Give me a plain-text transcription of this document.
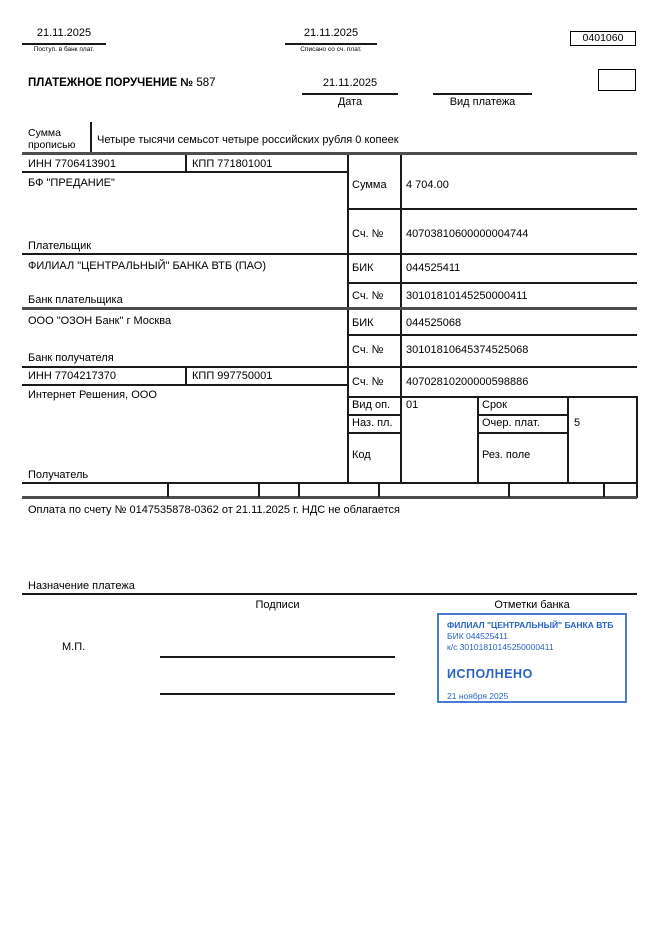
21.11.2025
Поступ. в банк плат.
21.11.2025
Списано со сч. плат.
0401060
ПЛАТЕЖНОЕ ПОРУЧЕНИЕ № 587	21.11.2025
Дата	Вид платежа
Сумма прописью	Четыре тысячи семьсот четыре российских рубля 0 копеек
ИНН 7706413901	КПП 771801001
БФ "ПРЕДАНИЕ"
Плательщик
Сумма 4 704.00
Сч. № 40703810600000004744
ФИЛИАЛ "ЦЕНТРАЛЬНЫЙ" БАНКА ВТБ (ПАО)
Банк плательщика
БИК	044525411
Сч. № 30101810145250000411
ООО "ОЗОН Банк" г Москва
Банк получателя
БИК	044525068
Сч. № 30101810645374525068
ИНН 7704217370	КПП 997750001
Интернет Решения, ООО
Получатель
Сч. № 40702810200000598886
Вид оп. 01	Срок
Наз. пл.	Очер. плат.	5
Код	Рез. поле
Оплата по счету № 0147535878-0362 от 21.11.2025 г. НДС не облагается
Назначение платежа
Подписи	Отметки банка
М.П.
ФИЛИАЛ "ЦЕНТРАЛЬНЫЙ" БАНКА ВТБ
БИК 044525411
к/с 30101810145250000411
ИСПОЛНЕНО
21 ноября 2025
